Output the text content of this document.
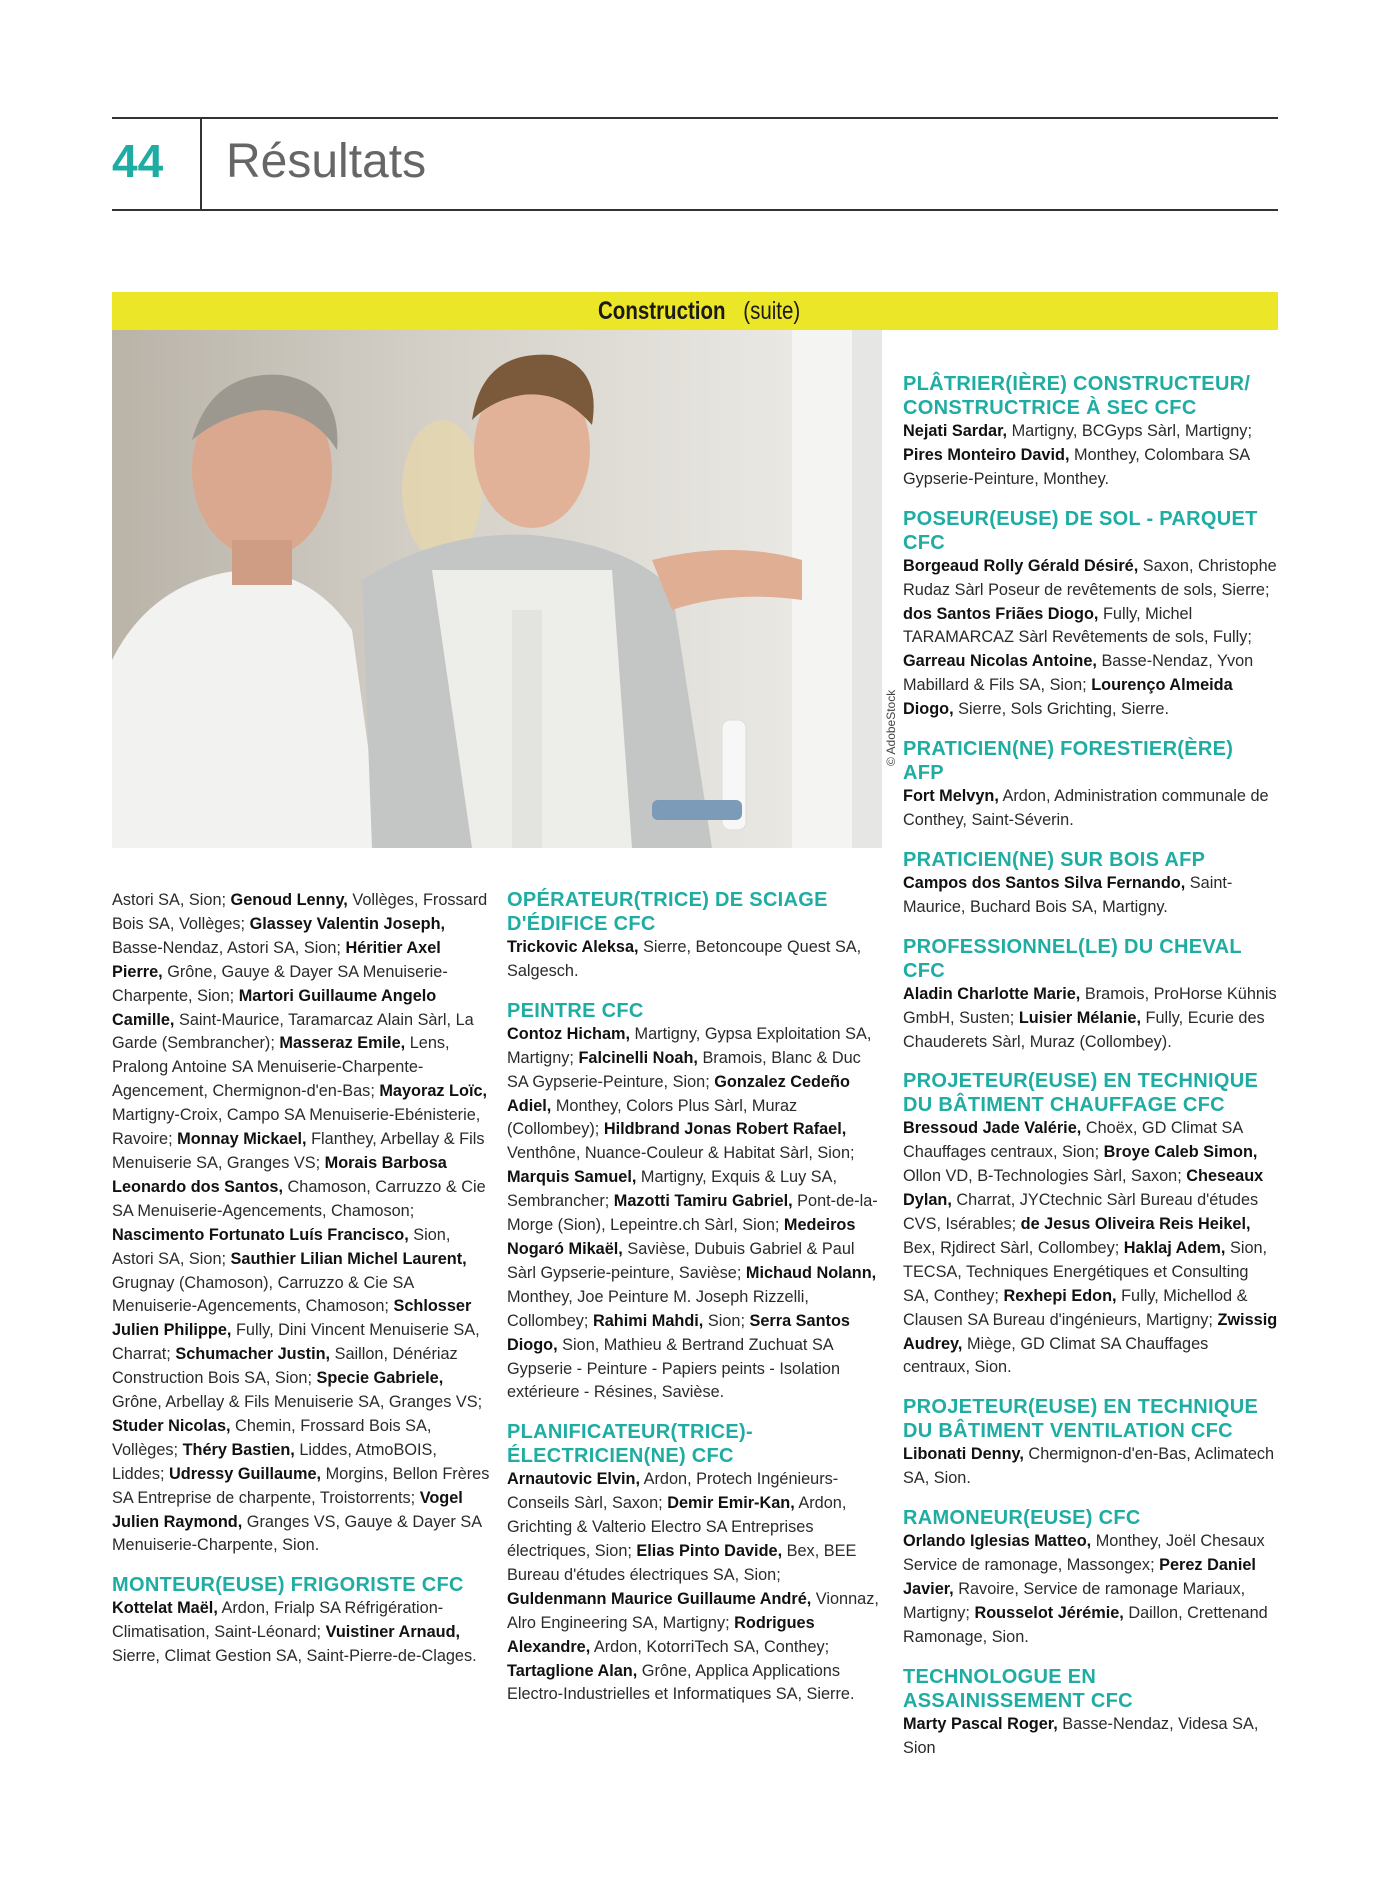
44 Résultats
Construction (suite)
© AdobeStock

Astori SA, Sion; Genoud Lenny, Vollèges, Frossard Bois SA, Vollèges; Glassey Valentin Joseph, Basse-Nendaz, Astori SA, Sion; Héritier Axel Pierre, Grône, Gauye & Dayer SA Menuiserie-Charpente, Sion; Martori Guillaume Angelo Camille, Saint-Maurice, Taramarcaz Alain Sàrl, La Garde (Sembrancher); Masseraz Emile, Lens, Pralong Antoine SA Menuiserie-Charpente-Agencement, Chermignon-d'en-Bas; Mayoraz Loïc, Martigny-Croix, Campo SA Menuiserie-Ebénisterie, Ravoire; Monnay Mickael, Flanthey, Arbellay & Fils Menuiserie SA, Granges VS; Morais Barbosa Leonardo dos Santos, Chamoson, Carruzzo & Cie SA Menuiserie-Agencements, Chamoson; Nascimento Fortunato Luís Francisco, Sion, Astori SA, Sion; Sauthier Lilian Michel Laurent, Grugnay (Chamoson), Carruzzo & Cie SA Menuiserie-Agencements, Chamoson; Schlosser Julien Philippe, Fully, Dini Vincent Menuiserie SA, Charrat; Schumacher Justin, Saillon, Dénériaz Construction Bois SA, Sion; Specie Gabriele, Grône, Arbellay & Fils Menuiserie SA, Granges VS; Studer Nicolas, Chemin, Frossard Bois SA, Vollèges; Théry Bastien, Liddes, AtmoBOIS, Liddes; Udressy Guillaume, Morgins, Bellon Frères SA Entreprise de charpente, Troistorrents; Vogel Julien Raymond, Granges VS, Gauye & Dayer SA Menuiserie-Charpente, Sion.

MONTEUR(EUSE) FRIGORISTE CFC

Kottelat Maël, Ardon, Frialp SA Réfrigération-Climatisation, Saint-Léonard; Vuistiner Arnaud, Sierre, Climat Gestion SA, Saint-Pierre-de-Clages.

OPÉRATEUR(TRICE) DE SCIAGE D'ÉDIFICE CFC

Trickovic Aleksa, Sierre, Betoncoupe Quest SA, Salgesch.

PEINTRE CFC

Contoz Hicham, Martigny, Gypsa Exploitation SA, Martigny; Falcinelli Noah, Bramois, Blanc & Duc SA Gypserie-Peinture, Sion; Gonzalez Cedeño Adiel, Monthey, Colors Plus Sàrl, Muraz (Collombey); Hildbrand Jonas Robert Rafael, Venthône, Nuance-Couleur & Habitat Sàrl, Sion; Marquis Samuel, Martigny, Exquis & Luy SA, Sembrancher; Mazotti Tamiru Gabriel, Pont-de-la-Morge (Sion), Lepeintre.ch Sàrl, Sion; Medeiros Nogaró Mikaël, Savièse, Dubuis Gabriel & Paul Sàrl Gypserie-peinture, Savièse; Michaud Nolann, Monthey, Joe Peinture M. Joseph Rizzelli, Collombey; Rahimi Mahdi, Sion; Serra Santos Diogo, Sion, Mathieu & Bertrand Zuchuat SA Gypserie - Peinture - Papiers peints - Isolation extérieure - Résines, Savièse.

PLANIFICATEUR(TRICE)-ÉLECTRICIEN(NE) CFC

Arnautovic Elvin, Ardon, Protech Ingénieurs-Conseils Sàrl, Saxon; Demir Emir-Kan, Ardon, Grichting & Valterio Electro SA Entreprises électriques, Sion; Elias Pinto Davide, Bex, BEE Bureau d'études électriques SA, Sion; Guldenmann Maurice Guillaume André, Vionnaz, Alro Engineering SA, Martigny; Rodrigues Alexandre, Ardon, KotorriTech SA, Conthey; Tartaglione Alan, Grône, Applica Applications Electro-Industrielles et Informatiques SA, Sierre.

PLÂTRIER(IÈRE) CONSTRUCTEUR/ CONSTRUCTRICE À SEC CFC

Nejati Sardar, Martigny, BCGyps Sàrl, Martigny; Pires Monteiro David, Monthey, Colombara SA Gypserie-Peinture, Monthey.

POSEUR(EUSE) DE SOL - PARQUET CFC

Borgeaud Rolly Gérald Désiré, Saxon, Christophe Rudaz Sàrl Poseur de revêtements de sols, Sierre; dos Santos Friães Diogo, Fully, Michel TARAMARCAZ Sàrl Revêtements de sols, Fully; Garreau Nicolas Antoine, Basse-Nendaz, Yvon Mabillard & Fils SA, Sion; Lourenço Almeida Diogo, Sierre, Sols Grichting, Sierre.

PRATICIEN(NE) FORESTIER(ÈRE) AFP

Fort Melvyn, Ardon, Administration communale de Conthey, Saint-Séverin.

PRATICIEN(NE) SUR BOIS AFP

Campos dos Santos Silva Fernando, Saint-Maurice, Buchard Bois SA, Martigny.

PROFESSIONNEL(LE) DU CHEVAL CFC

Aladin Charlotte Marie, Bramois, ProHorse Kühnis GmbH, Susten; Luisier Mélanie, Fully, Ecurie des Chauderets Sàrl, Muraz (Collombey).

PROJETEUR(EUSE) EN TECHNIQUE DU BÂTIMENT CHAUFFAGE CFC

Bressoud Jade Valérie, Choëx, GD Climat SA Chauffages centraux, Sion; Broye Caleb Simon, Ollon VD, B-Technologies Sàrl, Saxon; Cheseaux Dylan, Charrat, JYCtechnic Sàrl Bureau d'études CVS, Isérables; de Jesus Oliveira Reis Heikel, Bex, Rjdirect Sàrl, Collombey; Haklaj Adem, Sion, TECSA, Techniques Energétiques et Consulting SA, Conthey; Rexhepi Edon, Fully, Michellod & Clausen SA Bureau d'ingénieurs, Martigny; Zwissig Audrey, Miège, GD Climat SA Chauffages centraux, Sion.

PROJETEUR(EUSE) EN TECHNIQUE DU BÂTIMENT VENTILATION CFC

Libonati Denny, Chermignon-d'en-Bas, Aclimatech SA, Sion.

RAMONEUR(EUSE) CFC

Orlando Iglesias Matteo, Monthey, Joël Chesaux Service de ramonage, Massongex; Perez Daniel Javier, Ravoire, Service de ramonage Mariaux, Martigny; Rousselot Jérémie, Daillon, Crettenand Ramonage, Sion.

TECHNOLOGUE EN ASSAINISSEMENT CFC

Marty Pascal Roger, Basse-Nendaz, Videsa SA, Sion
